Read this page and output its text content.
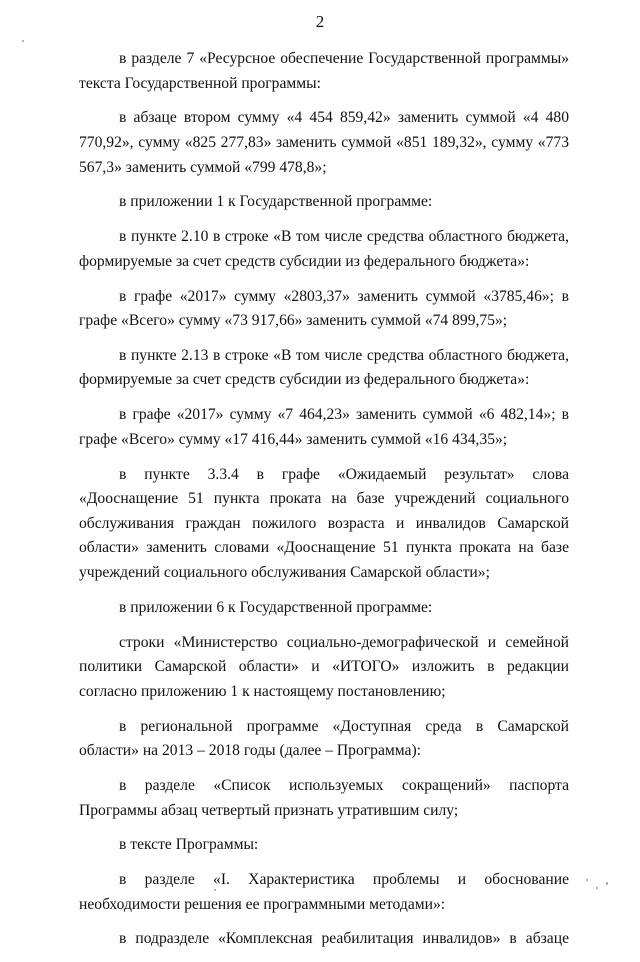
2

в разделе 7 «Ресурсное обеспечение Государственной программы» текста Государственной программы:

в абзаце втором сумму «4 454 859,42» заменить суммой «4 480 770,92», сумму «825 277,83» заменить суммой «851 189,32», сумму «773 567,3» заменить суммой «799 478,8»;

в приложении 1 к Государственной программе:

в пункте 2.10 в строке «В том числе средства областного бюджета, формируемые за счет средств субсидии из федерального бюджета»:

в графе «2017» сумму «2803,37» заменить суммой «3785,46»; в графе «Всего» сумму «73 917,66» заменить суммой «74 899,75»;

в пункте 2.13 в строке «В том числе средства областного бюджета, формируемые за счет средств субсидии из федерального бюджета»:

в графе «2017» сумму «7 464,23» заменить суммой «6 482,14»; в графе «Всего» сумму «17 416,44» заменить суммой «16 434,35»;

в пункте 3.3.4 в графе «Ожидаемый результат» слова «Дооснащение 51 пункта проката на базе учреждений социального обслуживания граждан пожилого возраста и инвалидов Самарской области» заменить словами «Дооснащение 51 пункта проката на базе учреждений социального обслуживания Самарской области»;

в приложении 6 к Государственной программе:

строки «Министерство социально-демографической и семейной политики Самарской области» и «ИТОГО» изложить в редакции согласно приложению 1 к настоящему постановлению;

в региональной программе «Доступная среда в Самарской области» на 2013 – 2018 годы (далее – Программа):

в разделе «Список используемых сокращений» паспорта Программы абзац четвертый признать утратившим силу;

в тексте Программы:

в разделе «I. Характеристика проблемы и обоснование необходимости решения ее программными методами»:

в подразделе «Комплексная реабилитация инвалидов» в абзаце
